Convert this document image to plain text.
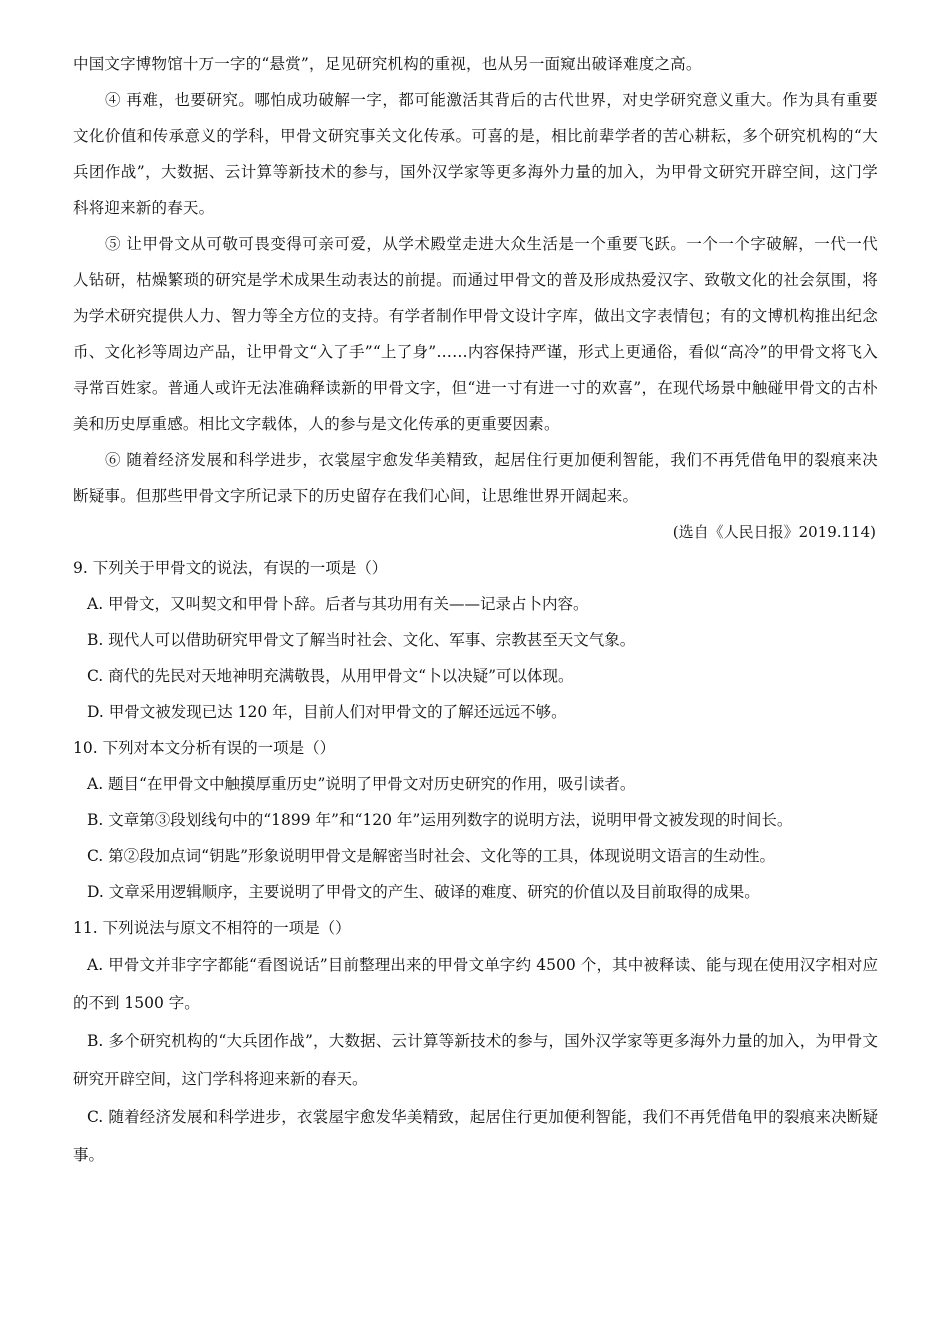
中国文字博物馆十万一字的“悬赏”，足见研究机构的重视，也从另一面窥出破译难度之高。

④ 再难，也要研究。哪怕成功破解一字，都可能激活其背后的古代世界，对史学研究意义重大。作为具有重要文化价值和传承意义的学科，甲骨文研究事关文化传承。可喜的是，相比前辈学者的苦心耕耘，多个研究机构的“大兵团作战”，大数据、云计算等新技术的参与，国外汉学家等更多海外力量的加入，为甲骨文研究开辟空间，这门学科将迎来新的春天。

⑤ 让甲骨文从可敬可畏变得可亲可爱，从学术殿堂走进大众生活是一个重要飞跃。一个一个字破解，一代一代人钻研，枯燥繁琐的研究是学术成果生动表达的前提。而通过甲骨文的普及形成热爱汉字、致敬文化的社会氛围，将为学术研究提供人力、智力等全方位的支持。有学者制作甲骨文设计字库，做出文字表情包；有的文博机构推出纪念币、文化衫等周边产品，让甲骨文“入了手”“上了身”……内容保持严谨，形式上更通俗，看似“高冷”的甲骨文将飞入寻常百姓家。普通人或许无法准确释读新的甲骨文字，但“进一寸有进一寸的欢喜”，在现代场景中触碰甲骨文的古朴美和历史厚重感。相比文字载体，人的参与是文化传承的更重要因素。

⑥ 随着经济发展和科学进步，衣裳屋宇愈发华美精致，起居住行更加便利智能，我们不再凭借龟甲的裂痕来决断疑事。但那些甲骨文字所记录下的历史留存在我们心间，让思维世界开阔起来。

(选自《人民日报》2019.114)

9. 下列关于甲骨文的说法，有误的一项是（）

A. 甲骨文，又叫契文和甲骨卜辞。后者与其功用有关——记录占卜内容。

B. 现代人可以借助研究甲骨文了解当时社会、文化、军事、宗教甚至天文气象。

C. 商代的先民对天地神明充满敬畏，从用甲骨文“卜以决疑”可以体现。

D. 甲骨文被发现已达 120 年，目前人们对甲骨文的了解还远远不够。

10. 下列对本文分析有误的一项是（）

A. 题目“在甲骨文中触摸厚重历史”说明了甲骨文对历史研究的作用，吸引读者。

B. 文章第③段划线句中的“1899 年”和“120 年”运用列数字的说明方法，说明甲骨文被发现的时间长。

C. 第②段加点词“钥匙”形象说明甲骨文是解密当时社会、文化等的工具，体现说明文语言的生动性。

D. 文章采用逻辑顺序，主要说明了甲骨文的产生、破译的难度、研究的价值以及目前取得的成果。

11. 下列说法与原文不相符的一项是（）

A. 甲骨文并非字字都能“看图说话”目前整理出来的甲骨文单字约 4500 个，其中被释读、能与现在使用汉字相对应的不到 1500 字。

B. 多个研究机构的“大兵团作战”，大数据、云计算等新技术的参与，国外汉学家等更多海外力量的加入，为甲骨文研究开辟空间，这门学科将迎来新的春天。

C. 随着经济发展和科学进步，衣裳屋宇愈发华美精致，起居住行更加便利智能，我们不再凭借龟甲的裂痕来决断疑事。
